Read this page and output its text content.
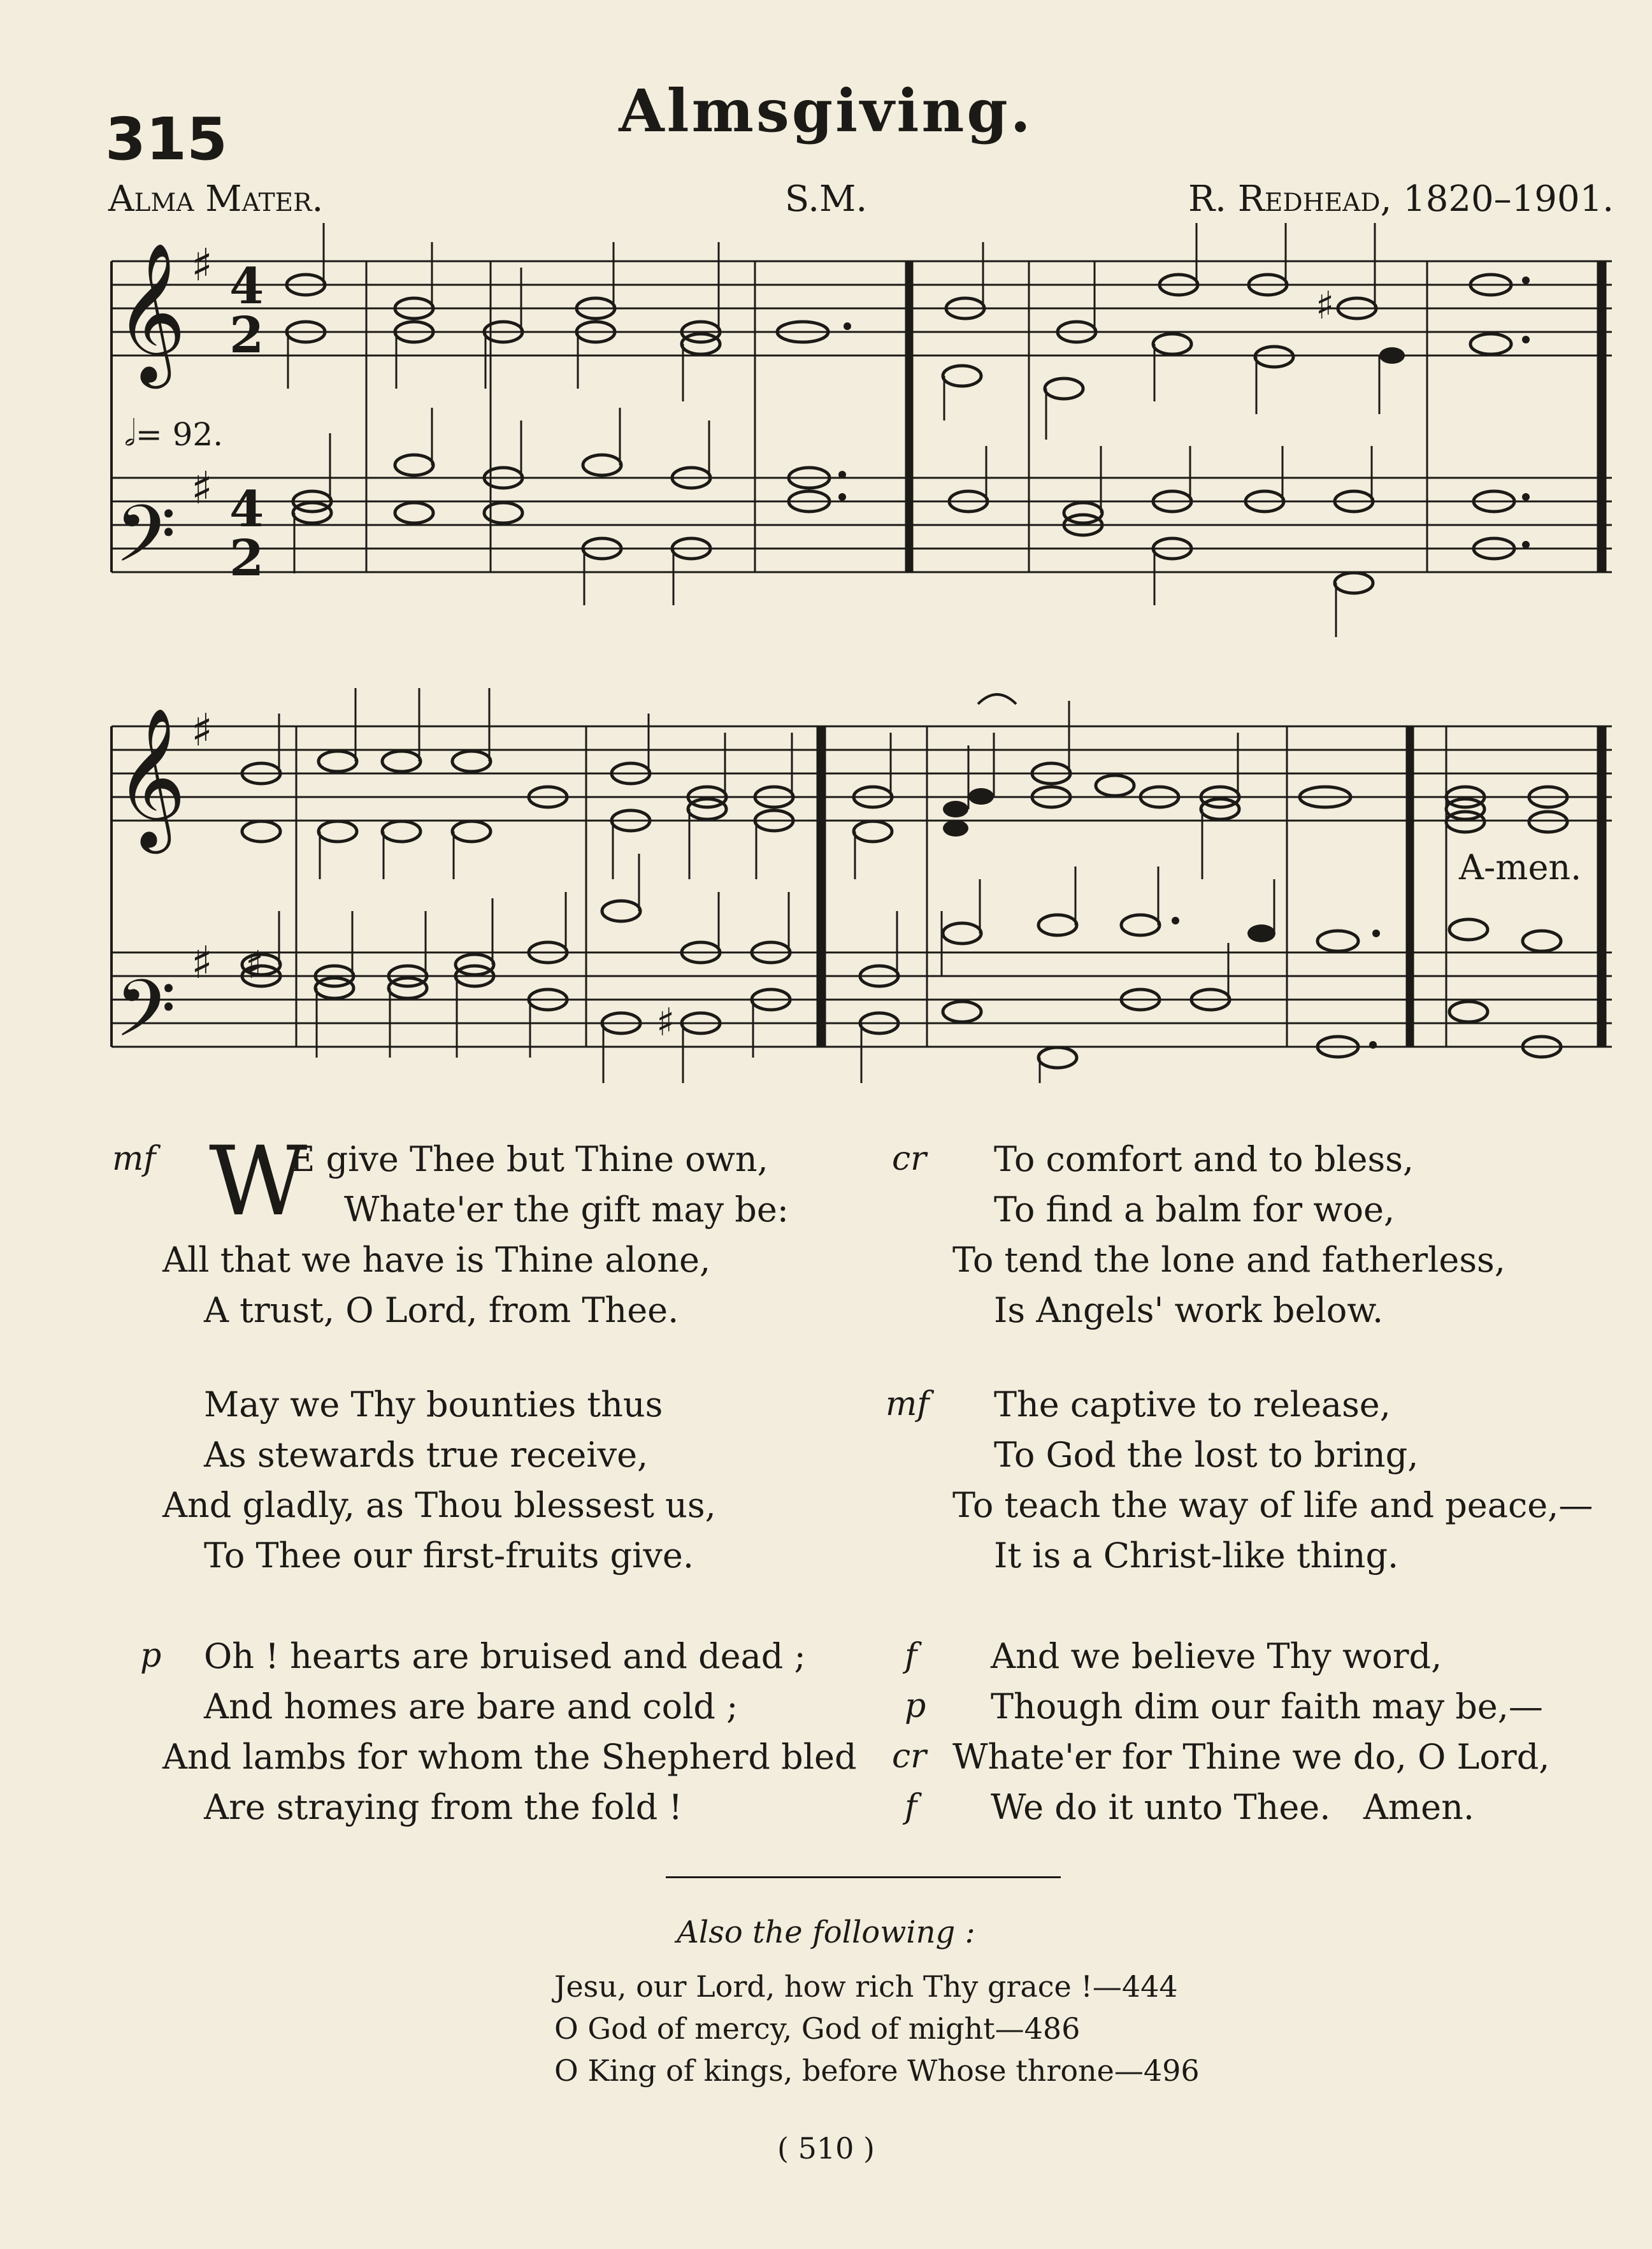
315	Almsgiving.
Alma Mater.	S.M.	R. Redhead, 1820–1901.
𝄞
𝄢
𝄞
𝄢
♯
♯
♯
♯
4
2
4
2
♯
♯
♯
𝅗𝅥= 92.
A-men.
mf W
E give Thee but Thine own,
Whate'er the gift may be:
All that we have is Thine alone,
A trust, O Lord, from Thee.
May we Thy bounties thus
As stewards true receive,
And gladly, as Thou blessest us,
To Thee our first-fruits give.
p Oh ! hearts are bruised and dead ;
And homes are bare and cold ;
And lambs for whom the Shepherd bled
Are straying from the fold !
cr To comfort and to bless,
To find a balm for woe,
To tend the lone and fatherless,
Is Angels' work below.
mf The captive to release,
To God the lost to bring,
To teach the way of life and peace,—
It is a Christ-like thing.
f
p
cr
f
And we believe Thy word,
Though dim our faith may be,—
Whate'er for Thine we do, O Lord,
We do it unto Thee.   Amen.
Also the following :
Jesu, our Lord, how rich Thy grace !—444
O God of mercy, God of might—486
O King of kings, before Whose throne—496
( 510 )
